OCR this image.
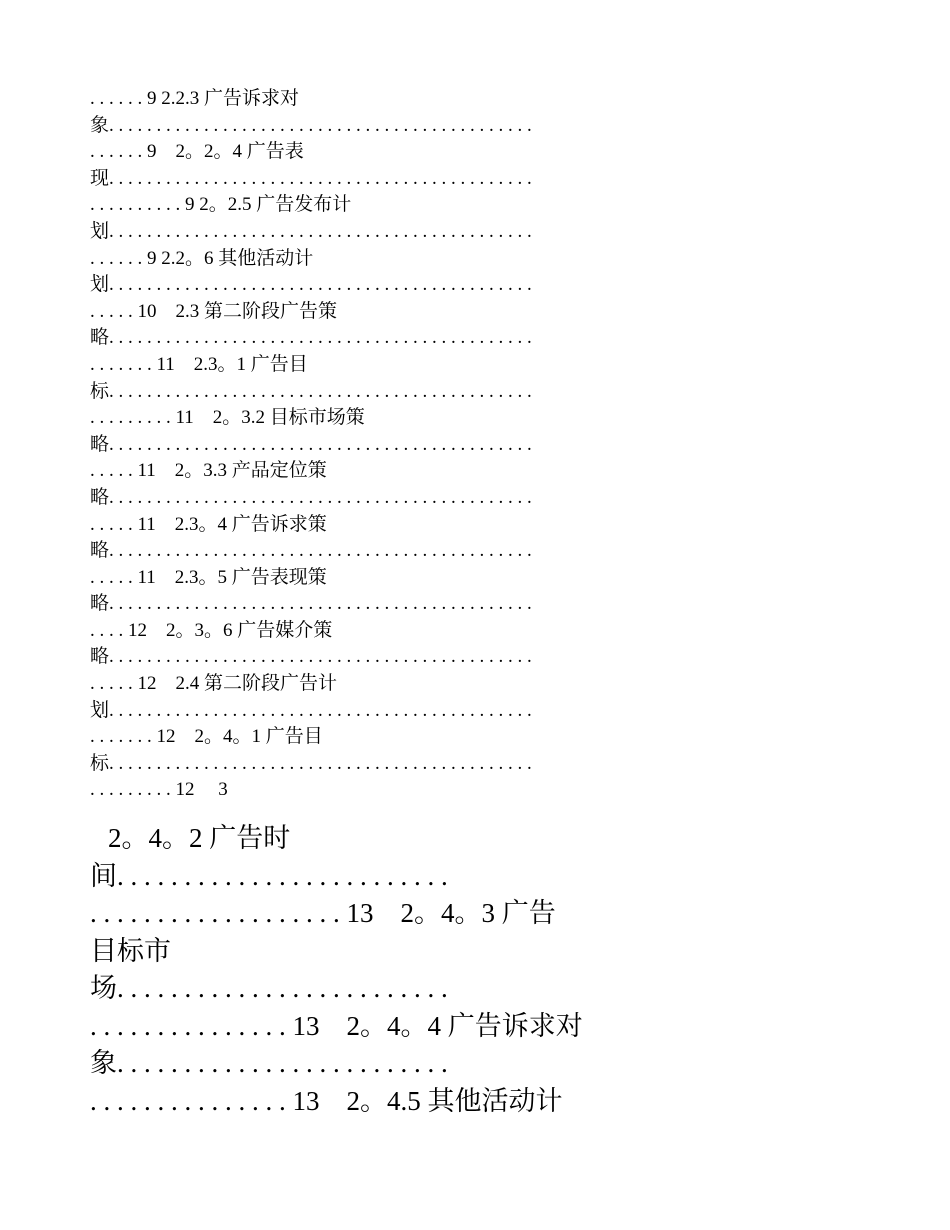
. . . . . . 9 2.2.3 广告诉求对
象. . . . . . . . . . . . . . . . . . . . . . . . . . . . . . . . . . . . . . . . . . . . .
. . . . . . 9　2。2。4 广告表
现. . . . . . . . . . . . . . . . . . . . . . . . . . . . . . . . . . . . . . . . . . . . .
. . . . . . . . . . 9 2。2.5 广告发布计
划. . . . . . . . . . . . . . . . . . . . . . . . . . . . . . . . . . . . . . . . . . . . .
. . . . . . 9 2.2。6 其他活动计
划. . . . . . . . . . . . . . . . . . . . . . . . . . . . . . . . . . . . . . . . . . . . .
. . . . . 10　2.3 第二阶段广告策
略. . . . . . . . . . . . . . . . . . . . . . . . . . . . . . . . . . . . . . . . . . . . .
. . . . . . . 11　2.3。1 广告目
标. . . . . . . . . . . . . . . . . . . . . . . . . . . . . . . . . . . . . . . . . . . . .
. . . . . . . . . 11　2。3.2 目标市场策
略. . . . . . . . . . . . . . . . . . . . . . . . . . . . . . . . . . . . . . . . . . . . .
. . . . . 11　2。3.3 产品定位策
略. . . . . . . . . . . . . . . . . . . . . . . . . . . . . . . . . . . . . . . . . . . . .
. . . . . 11　2.3。4 广告诉求策
略. . . . . . . . . . . . . . . . . . . . . . . . . . . . . . . . . . . . . . . . . . . . .
. . . . . 11　2.3。5 广告表现策
略. . . . . . . . . . . . . . . . . . . . . . . . . . . . . . . . . . . . . . . . . . . . .
. . . . 12　2。3。6 广告媒介策
略. . . . . . . . . . . . . . . . . . . . . . . . . . . . . . . . . . . . . . . . . . . . .
. . . . . 12　2.4 第二阶段广告计
划. . . . . . . . . . . . . . . . . . . . . . . . . . . . . . . . . . . . . . . . . . . . .
. . . . . . . 12　2。4。1 广告目
标. . . . . . . . . . . . . . . . . . . . . . . . . . . . . . . . . . . . . . . . . . . . .
. . . . . . . . . 12　 3
2。4。2 广告时
间. . . . . . . . . . . . . . . . . . . . . . . . .
. . . . . . . . . . . . . . . . . . . 13　2。4。3 广告
目标市
场. . . . . . . . . . . . . . . . . . . . . . . . .
. . . . . . . . . . . . . . . 13　2。4。4 广告诉求对
象. . . . . . . . . . . . . . . . . . . . . . . . .
. . . . . . . . . . . . . . . 13　2。4.5 其他活动计
